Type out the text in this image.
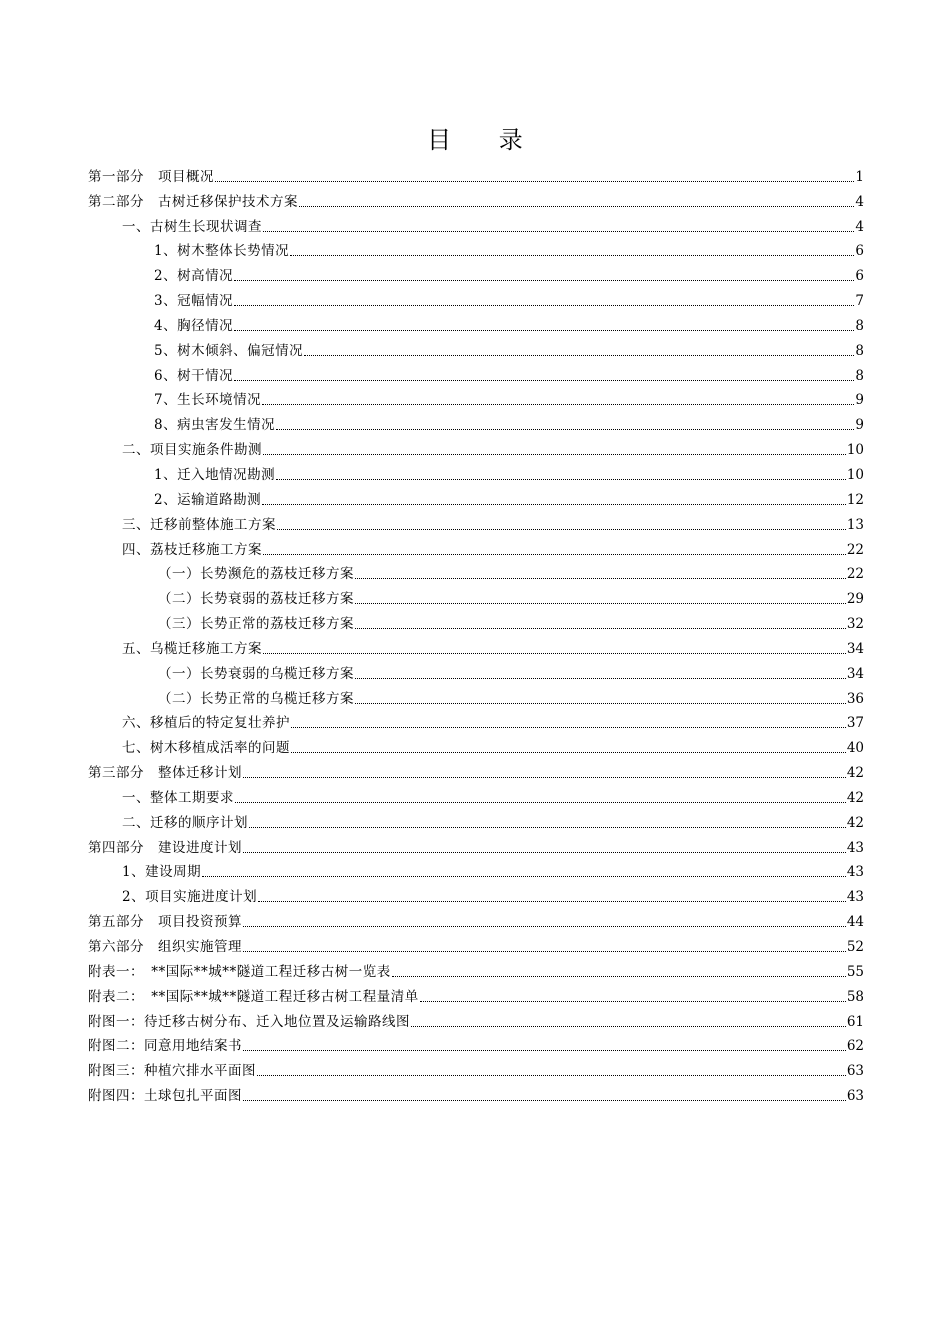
目 录
第一部分　项目概况	1
第二部分　古树迁移保护技术方案	4
一、古树生长现状调查	4
1、树木整体长势情况	6
2、树高情况	6
3、冠幅情况	7
4、胸径情况	8
5、树木倾斜、偏冠情况	8
6、树干情况	8
7、生长环境情况	9
8、病虫害发生情况	9
二、项目实施条件勘测	10
1、迁入地情况勘测	10
2、运输道路勘测	12
三、迁移前整体施工方案	13
四、荔枝迁移施工方案	22
（一）长势濒危的荔枝迁移方案	22
（二）长势衰弱的荔枝迁移方案	29
（三）长势正常的荔枝迁移方案	32
五、乌榄迁移施工方案	34
（一）长势衰弱的乌榄迁移方案	34
（二）长势正常的乌榄迁移方案	36
六、移植后的特定复壮养护	37
七、树木移植成活率的问题	40
第三部分　整体迁移计划	42
一、整体工期要求	42
二、迁移的顺序计划	42
第四部分　建设进度计划	43
1、建设周期	43
2、项目实施进度计划	43
第五部分　项目投资预算	44
第六部分　组织实施管理	52
附表一：　**国际**城**隧道工程迁移古树一览表	55
附表二：　**国际**城**隧道工程迁移古树工程量清单	58
附图一：待迁移古树分布、迁入地位置及运输路线图	61
附图二：同意用地结案书	62
附图三：种植穴排水平面图	63
附图四：土球包扎平面图	63
